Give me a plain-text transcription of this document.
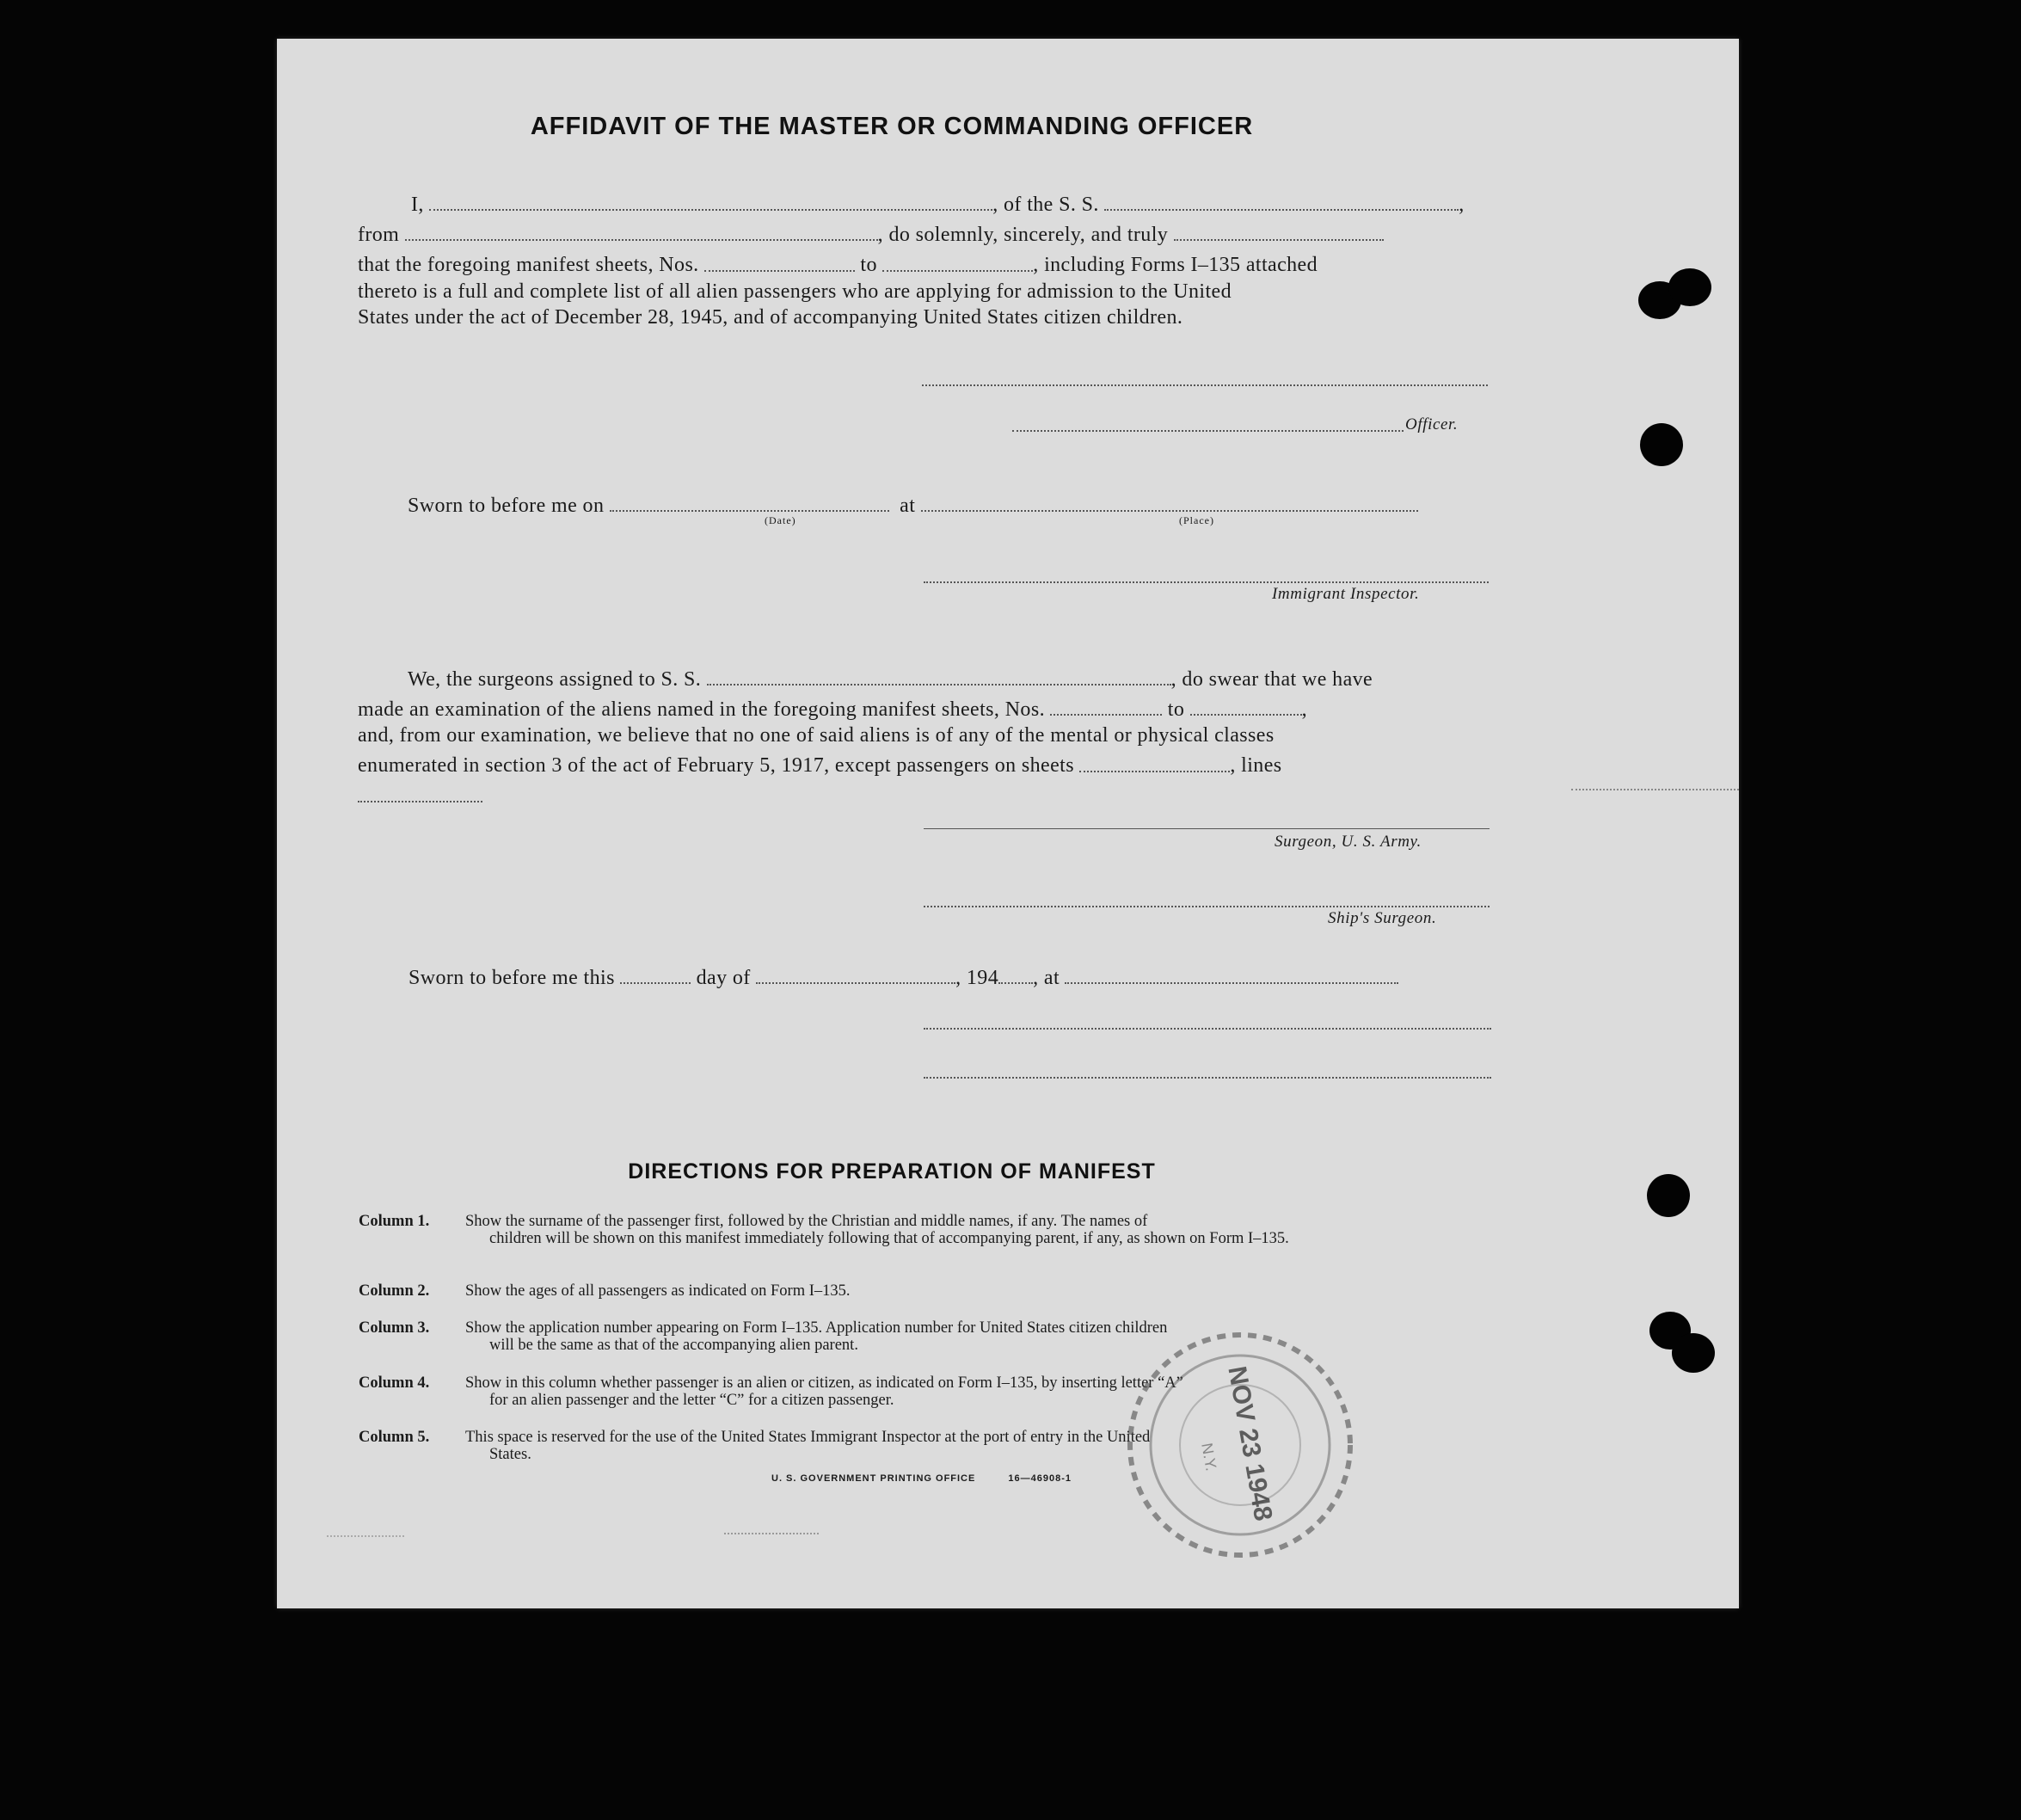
AFFIDAVIT OF THE MASTER OR COMMANDING OFFICER
I,	, of the S. S.	,
from	, do solemnly, sincerely, and truly
that the foregoing manifest sheets, Nos.	to	, including Forms I–135 attached
thereto is a full and complete list of all alien passengers who are applying for admission to the United
States under the act of December 28, 1945, and of accompanying United States citizen children.
Officer.
Sworn to before me on	at
(Date)	(Place)
Immigrant Inspector.
We, the surgeons assigned to S. S.	, do swear that we have
made an examination of the aliens named in the foregoing manifest sheets, Nos.	to	,
and, from our examination, we believe that no one of said aliens is of any of the mental or physical classes
enumerated in section 3 of the act of February 5, 1917, except passengers on sheets	, lines
Surgeon, U. S. Army.
Ship's Surgeon.
Sworn to before me this	day of	, 194 , at
DIRECTIONS FOR PREPARATION OF MANIFEST
Column 1. Show the surname of the passenger first, followed by the Christian and middle names, if any. The names of
children will be shown on this manifest immediately following that of accompanying parent, if any, as shown on Form I–135.
Column 2. Show the ages of all passengers as indicated on Form I–135.
Column 3. Show the application number appearing on Form I–135. Application number for United States citizen children
will be the same as that of the accompanying alien parent.
Column 4. Show in this column whether passenger is an alien or citizen, as indicated on Form I–135, by inserting letter “A”
for an alien passenger and the letter “C” for a citizen passenger.
Column 5. This space is reserved for the use of the United States Immigrant Inspector at the port of entry in the United
States.
U. S. GOVERNMENT PRINTING OFFICE	16—46908-1	NOV 23 1948
N.Y.
